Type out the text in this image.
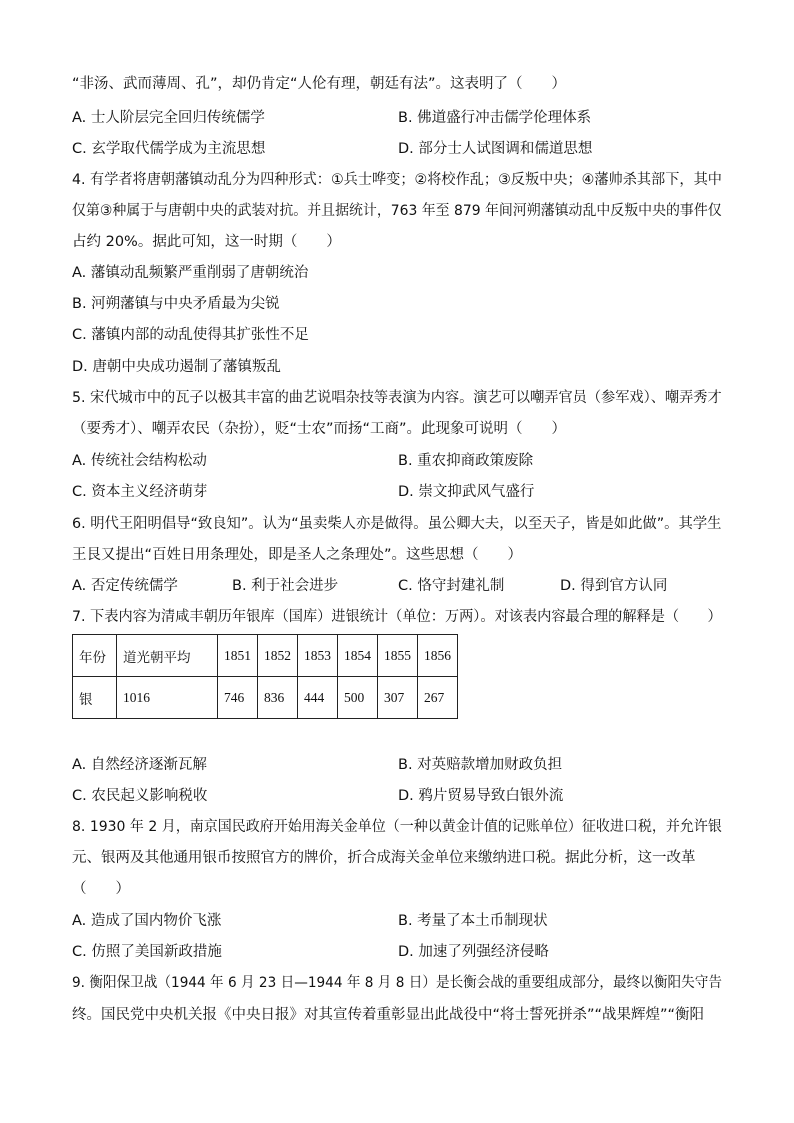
“非汤、武而薄周、孔”，却仍肯定“人伦有理，朝廷有法”。这表明了（　　）
A. 士人阶层完全回归传统儒学	B. 佛道盛行冲击儒学伦理体系
C. 玄学取代儒学成为主流思想	D. 部分士人试图调和儒道思想
4. 有学者将唐朝藩镇动乱分为四种形式：①兵士哗变；②将校作乱；③反叛中央；④藩帅杀其部下，其中
仅第③种属于与唐朝中央的武装对抗。并且据统计，763 年至 879 年间河朔藩镇动乱中反叛中央的事件仅
占约 20%。据此可知，这一时期（　　）
A. 藩镇动乱频繁严重削弱了唐朝统治
B. 河朔藩镇与中央矛盾最为尖锐
C. 藩镇内部的动乱使得其扩张性不足
D. 唐朝中央成功遏制了藩镇叛乱
5. 宋代城市中的瓦子以极其丰富的曲艺说唱杂技等表演为内容。演艺可以嘲弄官员（参军戏）、嘲弄秀才
（要秀才）、嘲弄农民（杂扮），贬“士农”而扬“工商”。此现象可说明（　　）
A. 传统社会结构松动	B. 重农抑商政策废除
C. 资本主义经济萌芽	D. 崇文抑武风气盛行
6. 明代王阳明倡导“致良知”。认为“虽卖柴人亦是做得。虽公卿大夫，以至天子，皆是如此做”。其学生
王艮又提出“百姓日用条理处，即是圣人之条理处”。这些思想（　　）
A. 否定传统儒学	B. 利于社会进步	C. 恪守封建礼制	D. 得到官方认同
7. 下表内容为清咸丰朝历年银库（国库）进银统计（单位：万两）。对该表内容最合理的解释是（　　）
年份	道光朝平均	1851	1852	1853	1854	1855	1856
银	1016	746	836	444	500	307	267
A. 自然经济逐渐瓦解	B. 对英赔款增加财政负担
C. 农民起义影响税收	D. 鸦片贸易导致白银外流
8. 1930 年 2 月，南京国民政府开始用海关金单位（一种以黄金计值的记账单位）征收进口税，并允许银
元、银两及其他通用银币按照官方的牌价，折合成海关金单位来缴纳进口税。据此分析，这一改革
（　　）
A. 造成了国内物价飞涨	B. 考量了本土币制现状
C. 仿照了美国新政措施	D. 加速了列强经济侵略
9. 衡阳保卫战（1944 年 6 月 23 日—1944 年 8 月 8 日）是长衡会战的重要组成部分，最终以衡阳失守告
终。国民党中央机关报《中央日报》对其宣传着重彰显出此战役中“将士誓死拼杀”“战果辉煌”“衡阳
